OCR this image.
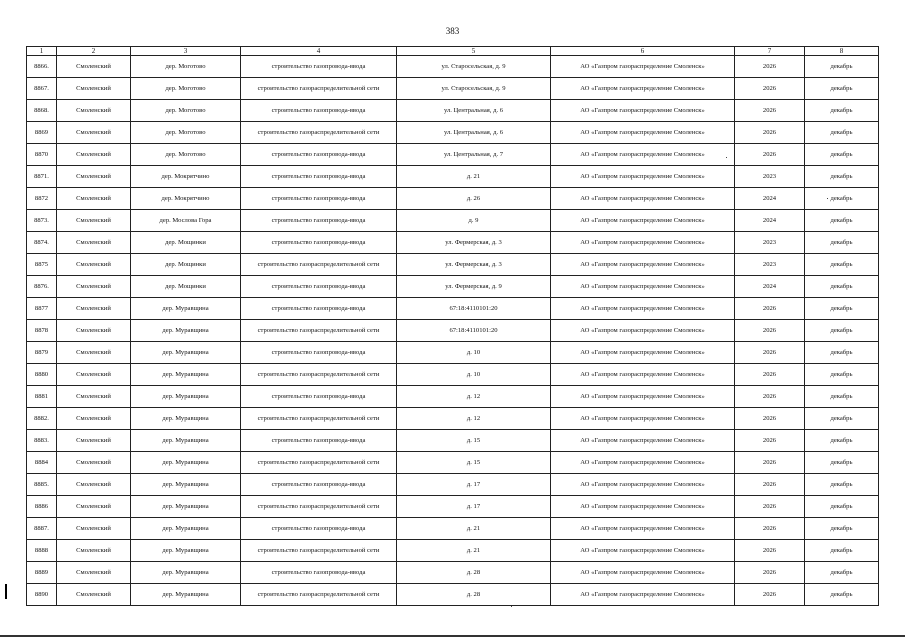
383
1	2	3	4	5	6	7	8
8866.	Смоленский	дер. Моготово	строительство газопровода-ввода	ул. Старосельская, д. 9	АО «Газпром газораспределение Смоленск»	2026	декабрь
8867.	Смоленский	дер. Моготово	строительство газораспределительной сети	ул. Старосельская, д. 9	АО «Газпром газораспределение Смоленск»	2026	декабрь
8868.	Смоленский	дер. Моготово	строительство газопровода-ввода	ул. Центральная, д. 6	АО «Газпром газораспределение Смоленск»	2026	декабрь
8869	Смоленский	дер. Моготово	строительство газораспределительной сети	ул. Центральная, д. 6	АО «Газпром газораспределение Смоленск»	2026	декабрь
8870	Смоленский	дер. Моготово	строительство газопровода-ввода	ул. Центральная, д. 7	АО «Газпром газораспределение Смоленск»	2026	декабрь
8871.	Смоленский	дер. Мокрятчино	строительство газопровода-ввода	д. 21	АО «Газпром газораспределение Смоленск»	2023	декабрь
8872	Смоленский	дер. Мокрятчино	строительство газопровода-ввода	д. 26	АО «Газпром газораспределение Смоленск»	2024	декабрь
8873.	Смоленский	дер. Мослова Гора	строительство газопровода-ввода	д. 9	АО «Газпром газораспределение Смоленск»	2024	декабрь
8874.	Смоленский	дер. Мощинки	строительство газопровода-ввода	ул. Фермерская, д. 3	АО «Газпром газораспределение Смоленск»	2023	декабрь
8875	Смоленский	дер. Мощинки	строительство газораспределительной сети	ул. Фермерская, д. 3	АО «Газпром газораспределение Смоленск»	2023	декабрь
8876.	Смоленский	дер. Мощинки	строительство газопровода-ввода	ул. Фермерская, д. 9	АО «Газпром газораспределение Смоленск»	2024	декабрь
8877	Смоленский	дер. Муравщина	строительство газопровода-ввода	67:18:4110101:20	АО «Газпром газораспределение Смоленск»	2026	декабрь
8878	Смоленский	дер. Муравщина	строительство газораспределительной сети	67:18:4110101:20	АО «Газпром газораспределение Смоленск»	2026	декабрь
8879	Смоленский	дер. Муравщина	строительство газопровода-ввода	д. 10	АО «Газпром газораспределение Смоленск»	2026	декабрь
8880	Смоленский	дер. Муравщина	строительство газораспределительной сети	д. 10	АО «Газпром газораспределение Смоленск»	2026	декабрь
8881	Смоленский	дер. Муравщина	строительство газопровода-ввода	д. 12	АО «Газпром газораспределение Смоленск»	2026	декабрь
8882.	Смоленский	дер. Муравщина	строительство газораспределительной сети	д. 12	АО «Газпром газораспределение Смоленск»	2026	декабрь
8883.	Смоленский	дер. Муравщина	строительство газопровода-ввода	д. 15	АО «Газпром газораспределение Смоленск»	2026	декабрь
8884	Смоленский	дер. Муравщина	строительство газораспределительной сети	д. 15	АО «Газпром газораспределение Смоленск»	2026	декабрь
8885.	Смоленский	дер. Муравщина	строительство газопровода-ввода	д. 17	АО «Газпром газораспределение Смоленск»	2026	декабрь
8886	Смоленский	дер. Муравщина	строительство газораспределительной сети	д. 17	АО «Газпром газораспределение Смоленск»	2026	декабрь
8887.	Смоленский	дер. Муравщина	строительство газопровода-ввода	д. 21	АО «Газпром газораспределение Смоленск»	2026	декабрь
8888	Смоленский	дер. Муравщина	строительство газораспределительной сети	д. 21	АО «Газпром газораспределение Смоленск»	2026	декабрь
8889	Смоленский	дер. Муравщина	строительство газопровода-ввода	д. 28	АО «Газпром газораспределение Смоленск»	2026	декабрь
8890	Смоленский	дер. Муравщина	строительство газораспределительной сети	д. 28	АО «Газпром газораспределение Смоленск»	2026	декабрь
